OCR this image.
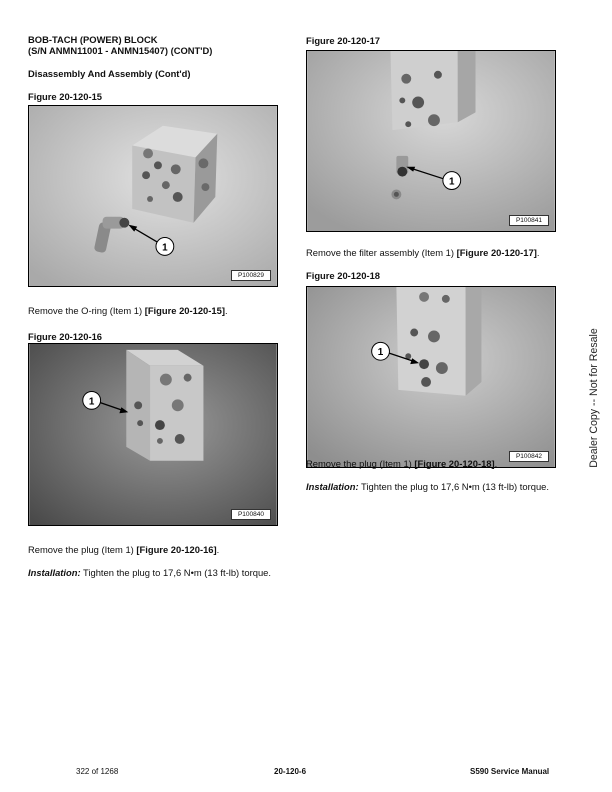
BOB-TACH (POWER) BLOCK
(S/N ANMN11001 - ANMN15407) (CONT'D)
Disassembly And Assembly (Cont'd)
Figure 20-120-15
1
P100829
Remove the O-ring (Item 1) [Figure 20-120-15].
Figure 20-120-16
1
P100840
Remove the plug (Item 1) [Figure 20-120-16].
Installation: Tighten the plug to 17,6 N•m (13 ft-lb) torque.
Figure 20-120-17
1
P100841
Remove the filter assembly (Item 1) [Figure 20-120-17].
Figure 20-120-18
1
P100842
Remove the plug (Item 1) [Figure 20-120-18].
Installation: Tighten the plug to 17,6 N•m (13 ft-lb) torque.
Dealer Copy -- Not for Resale
322 of 1268	20-120-6	S590 Service Manual
